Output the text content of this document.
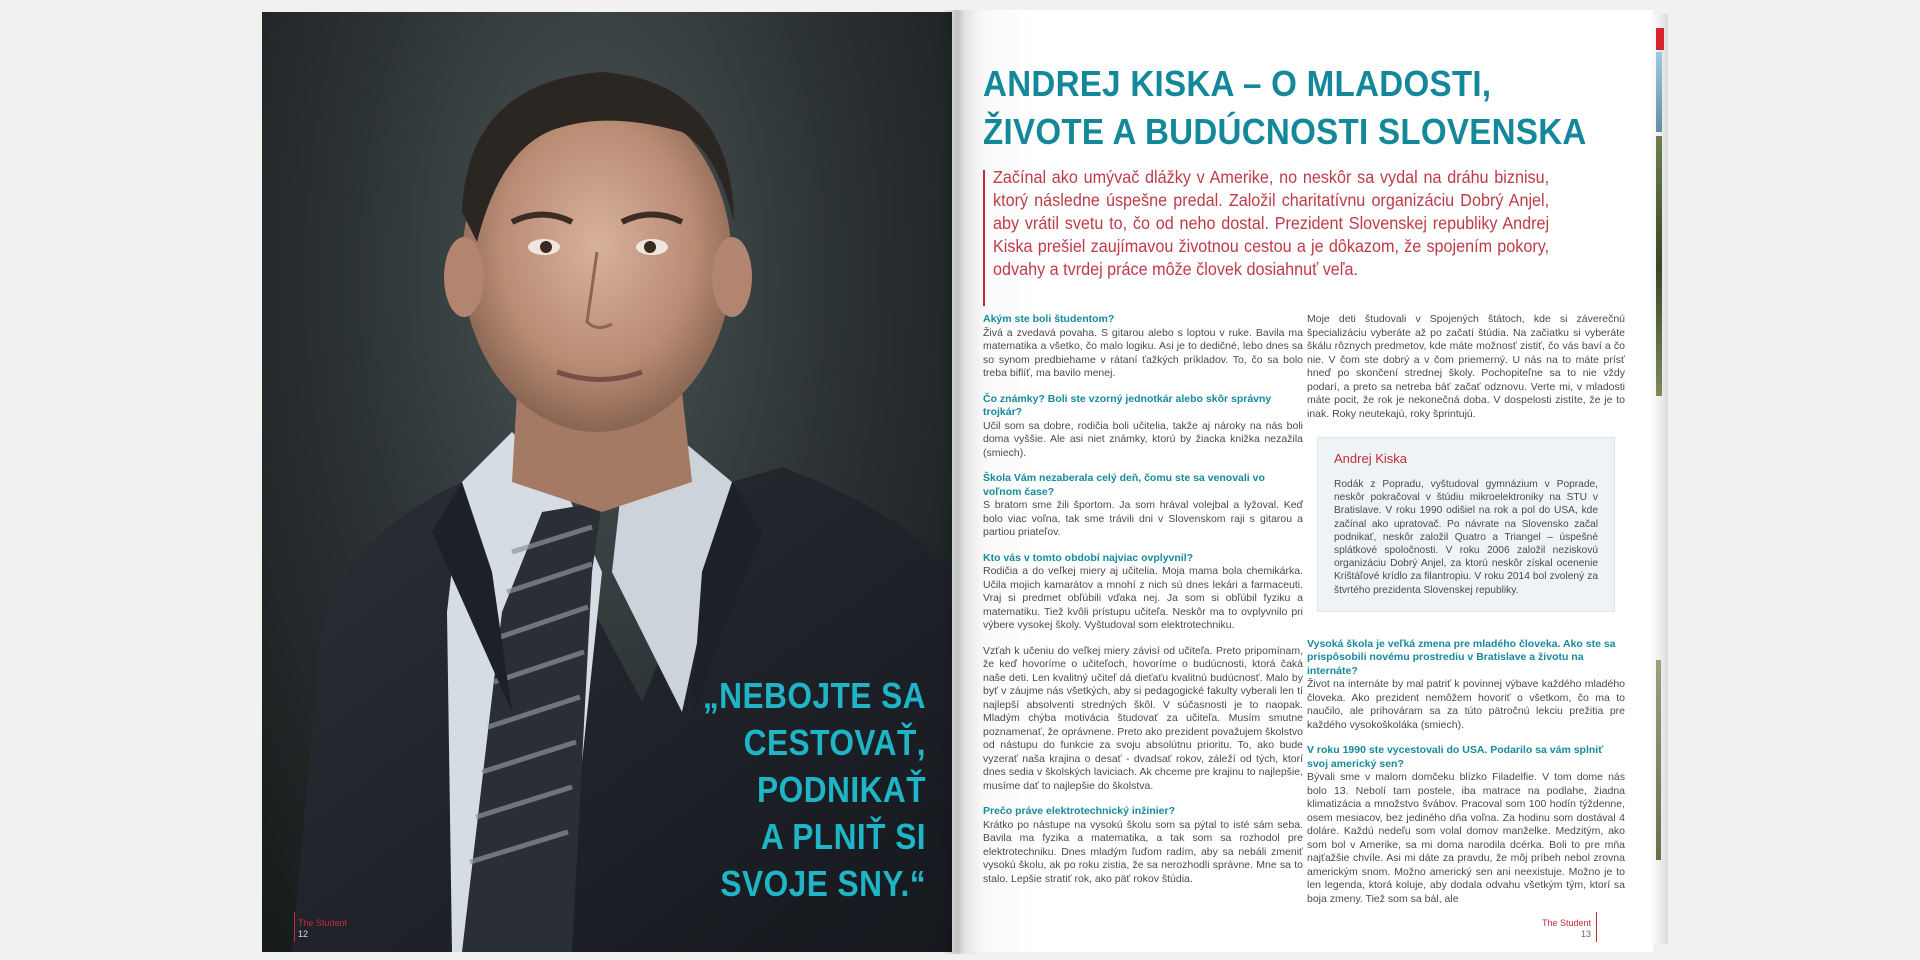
„NEBOJTE SA
CESTOVAŤ,
PODNIKAŤ
A PLNIŤ SI
SVOJE SNY.“
The Student
12
ANDREJ KISKA – O MLADOSTI,
ŽIVOTE A BUDÚCNOSTI SLOVENSKA
Začínal ako umývač dlážky v Amerike, no neskôr sa vydal na dráhu biznisu, ktorý následne úspešne predal. Založil charitatívnu organizáciu Dobrý Anjel, aby vrátil svetu to, čo od neho dostal. Prezident Slovenskej republiky Andrej Kiska prešiel zaujímavou životnou cestou a je dôkazom, že spojením pokory, odvahy a tvrdej práce môže človek dosiahnuť veľa.

Akým ste boli študentom?

Živá a zvedavá povaha. S gitarou alebo s loptou v ruke. Bavila ma matematika a všetko, čo malo logiku. Asi je to dedičné, lebo dnes sa so synom predbiehame v rátaní ťažkých príkladov. To, čo sa bolo treba biflíť, ma bavilo menej.

Čo známky? Boli ste vzorný jednotkár alebo skôr správny trojkár?

Učil som sa dobre, rodičia boli učitelia, takže aj nároky na nás boli doma vyššie. Ale asi niet známky, ktorú by žiacka knižka nezažila (smiech).

Škola Vám nezaberala celý deň, čomu ste sa venovali vo voľnom čase?

S bratom sme žili športom. Ja som hrával volejbal a lyžoval. Keď bolo viac voľna, tak sme trávili dni v Slovenskom raji s gitarou a partiou priateľov.

Kto vás v tomto období najviac ovplyvnil?

Rodičia a do veľkej miery aj učitelia. Moja mama bola chemikárka. Učila mojich kamarátov a mnohí z nich sú dnes lekári a farmaceuti. Vraj si predmet obľúbili vďaka nej. Ja som si obľúbil fyziku a matematiku. Tiež kvôli prístupu učiteľa. Neskôr ma to ovplyvnilo pri výbere vysokej školy. Vyštudoval som elektrotechniku.

Vzťah k učeniu do veľkej miery závisí od učiteľa. Preto pripomínam, že keď hovoríme o učiteľoch, hovoríme o budúcnosti, ktorá čaká naše deti. Len kvalitný učiteľ dá dieťaťu kvalitnú budúcnosť. Malo by byť v záujme nás všetkých, aby si pedagogické fakulty vyberali len tí najlepší absolventi stredných škôl. V súčasnosti je to naopak. Mladým chýba motivácia študovať za učiteľa. Musím smutne poznamenať, že oprávnene. Preto ako prezident považujem školstvo od nástupu do funkcie za svoju absolútnu prioritu. To, ako bude vyzerať naša krajina o desať - dvadsať rokov, záleží od tých, ktorí dnes sedia v školských laviciach. Ak chceme pre krajinu to najlepšie, musíme dať to najlepšie do školstva.

Prečo práve elektrotechnický inžinier?

Krátko po nástupe na vysokú školu som sa pýtal to isté sám seba. Bavila ma fyzika a matematika, a tak som sa rozhodol pre elektrotechniku. Dnes mladým ľuďom radím, aby sa nebáli zmeniť vysokú školu, ak po roku zistia, že sa nerozhodli správne. Mne sa to stalo. Lepšie stratiť rok, ako päť rokov štúdia.

Moje deti študovali v Spojených štátoch, kde si záverečnú špecializáciu vyberáte až po začatí štúdia. Na začiatku si vyberáte škálu rôznych predmetov, kde máte možnosť zistiť, čo vás baví a čo nie. V čom ste dobrý a v čom priemerný. U nás na to máte prísť hneď po skončení strednej školy. Pochopiteľne sa to nie vždy podarí, a preto sa netreba báť začať odznovu. Verte mi, v mladosti máte pocit, že rok je nekonečná doba. V dospelosti zistíte, že je to inak. Roky neutekajú, roky šprintujú.

Andrej Kiska
Rodák z Popradu, vyštudoval gymnázium v Poprade, neskôr pokračoval v štúdiu mikroelektroniky na STU v Bratislave. V roku 1990 odišiel na rok a pol do USA, kde začínal ako upratovač. Po návrate na Slovensko začal podnikať, neskôr založil Quatro a Triangel – úspešné splátkové spoločnosti. V roku 2006 založil neziskovú organizáciu Dobrý Anjel, za ktorú neskôr získal ocenenie Krištáľové krídlo za filantropiu. V roku 2014 bol zvolený za štvrtého prezidenta Slovenskej republiky.

Vysoká škola je veľká zmena pre mladého človeka. Ako ste sa prispôsobili novému prostrediu v Bratislave a životu na internáte?

Život na internáte by mal patriť k povinnej výbave každého mladého človeka. Ako prezident nemôžem hovoriť o všetkom, čo ma to naučilo, ale prihováram sa za túto pätročnú lekciu prežitia pre každého vysokoškoláka (smiech).

V roku 1990 ste vycestovali do USA. Podarilo sa vám splniť svoj americký sen?

Bývali sme v malom domčeku blízko Filadelfie. V tom dome nás bolo 13. Nebolí tam postele, iba matrace na podlahe, žiadna klimatizácia a množstvo švábov. Pracoval som 100 hodín týždenne, osem mesiacov, bez jediného dňa voľna. Za hodinu som dostával 4 doláre. Každú nedeľu som volal domov manželke. Medzitým, ako som bol v Amerike, sa mi doma narodila dcérka. Boli to pre mňa najťažšie chvíle. Asi mi dáte za pravdu, že môj príbeh nebol zrovna americkým snom. Možno americký sen ani neexistuje. Možno je to len legenda, ktorá koluje, aby dodala odvahu všetkým tým, ktorí sa boja zmeny. Tiež som sa bál, ale

The Student
13
